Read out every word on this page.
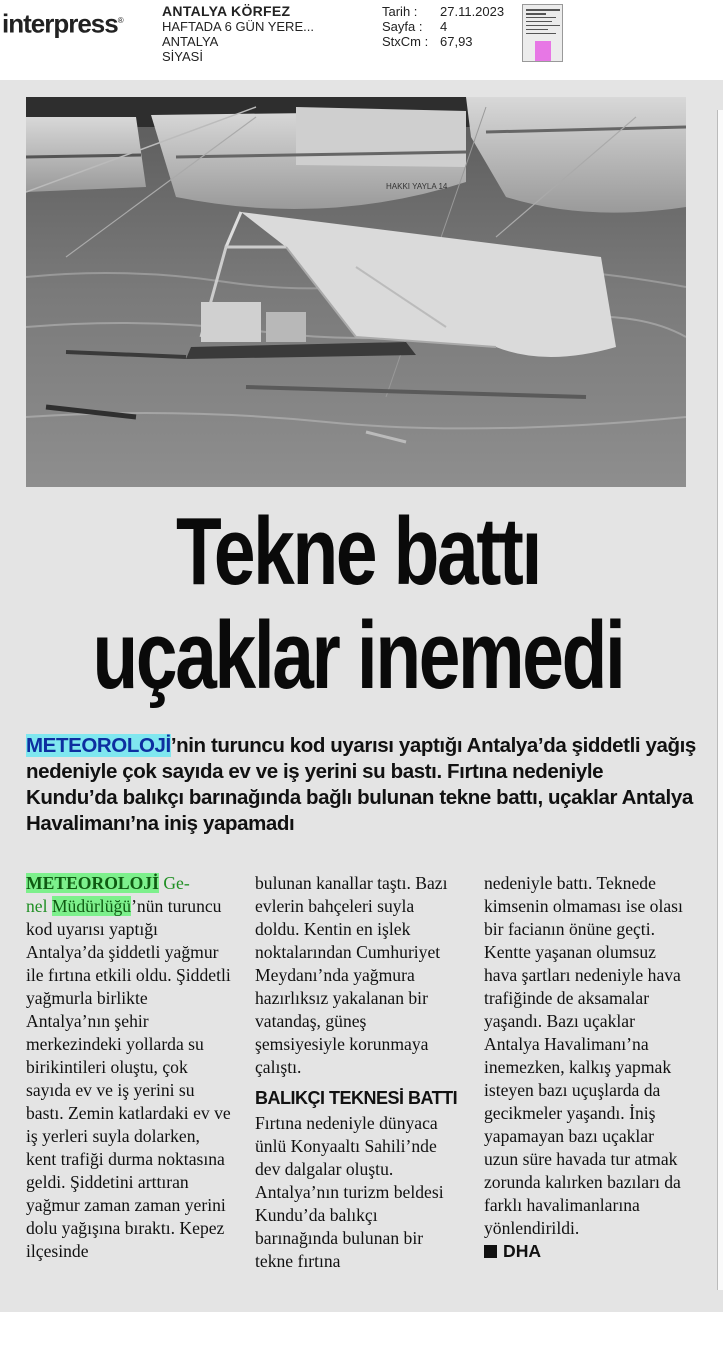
interpress®
ANTALYA KÖRFEZ
HAFTADA 6 GÜN YERE...
ANTALYA
SİYASİ
Tarih :	27.11.2023
Sayfa :	4
StxCm : 67,93
HAKKI YAYLA 14
Tekne battı
uçaklar inemedi
METEOROLOJİ’nin turuncu kod uyarısı yaptığı Antalya’da şiddetli yağış nedeniyle çok sayıda ev ve iş yerini su bastı. Fırtına nedeniyle Kundu’da balıkçı barınağında bağlı bulunan tekne battı, uçaklar Antalya Havalimanı’na iniş yapamadı
METEOROLOJİ Ge-
nel Müdürlüğü’nün turuncu kod uyarısı yaptığı Antalya’da şiddetli yağmur ile fırtına etkili oldu. Şiddetli yağmurla birlikte Antalya’nın şehir merkezindeki yollarda su birikintileri oluştu, çok sayıda ev ve iş yerini su bastı. Zemin katlardaki ev ve iş yerleri suyla dolarken, kent trafiği durma noktasına geldi. Şiddetini arttıran yağmur zaman zaman yerini dolu yağışına bıraktı. Kepez ilçesinde
bulunan kanallar taştı. Bazı evlerin bahçeleri suyla doldu. Kentin en işlek noktalarından Cumhuriyet Meydanı’nda yağmura hazırlıksız yakalanan bir vatandaş, güneş şemsiyesiyle korunmaya çalıştı.
BALIKÇI TEKNESİ BATTI
Fırtına nedeniyle dünyaca ünlü Konyaaltı Sahili’nde dev dalgalar oluştu. Antalya’nın turizm beldesi Kundu’da balıkçı barınağında bulunan bir tekne fırtına
nedeniyle battı. Teknede kimsenin olmaması ise olası bir facianın önüne geçti. Kentte yaşanan olumsuz hava şartları nedeniyle hava trafiğinde de aksamalar yaşandı. Bazı uçaklar Antalya Havalimanı’na inemezken, kalkış yapmak isteyen bazı uçuşlarda da gecikmeler yaşandı. İniş yapamayan bazı uçaklar uzun süre havada tur atmak zorunda kalırken bazıları da farklı havalimanlarına yönlendirildi.
DHA
